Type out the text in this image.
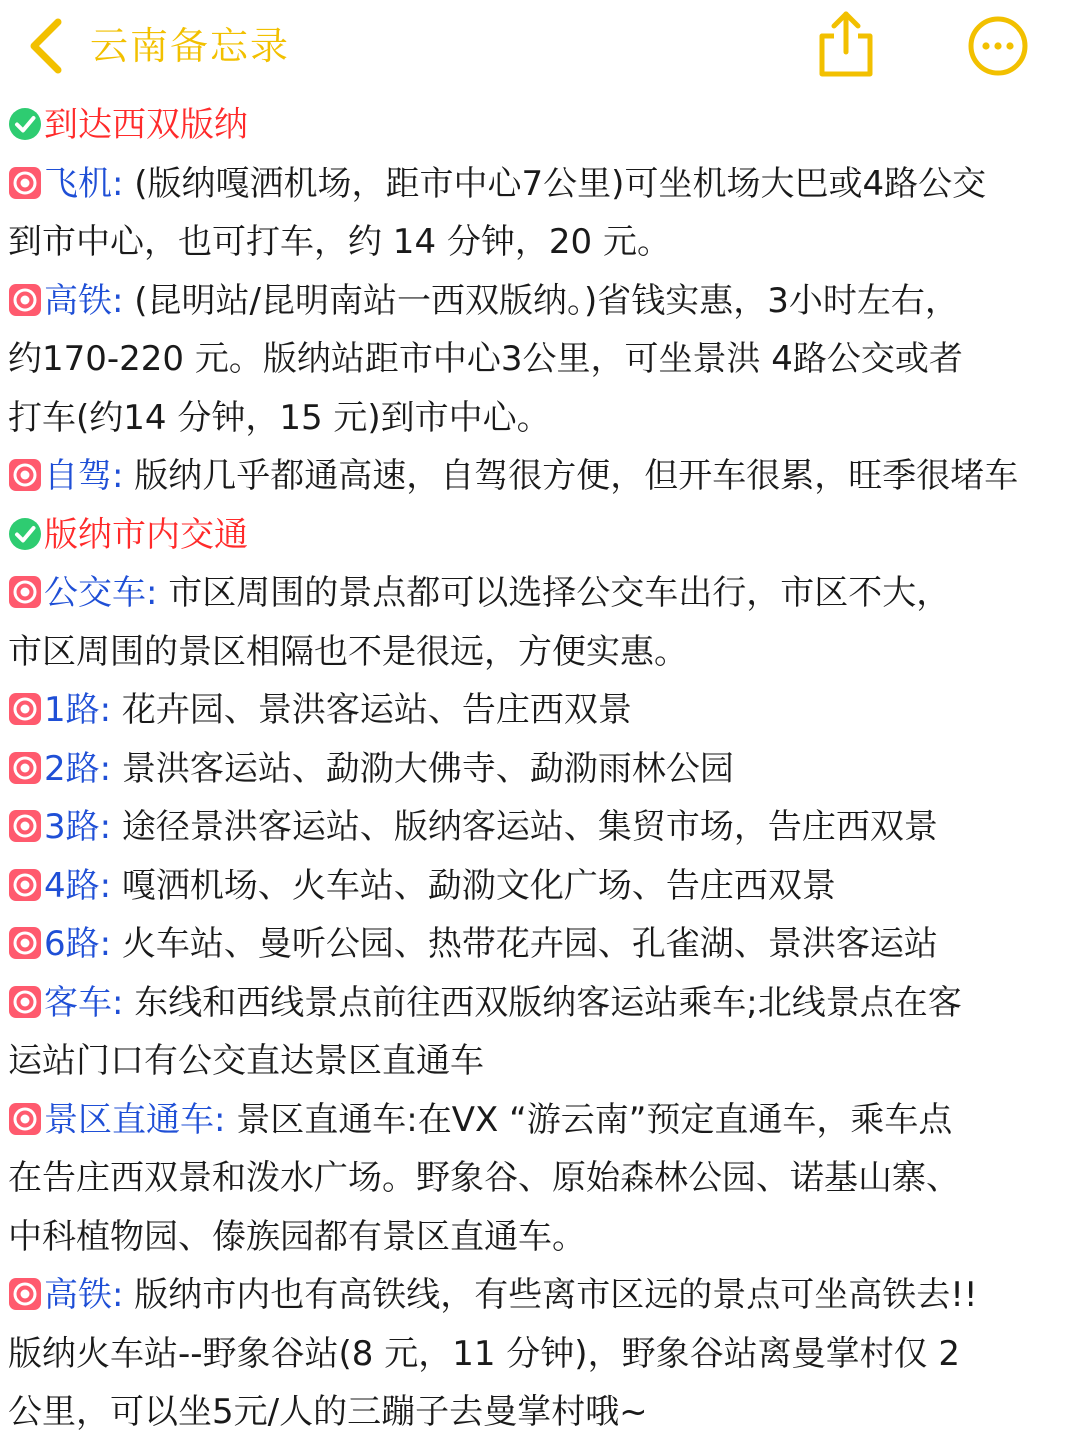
云南备忘录
到达西双版纳
飞机: (版纳嘎洒机场，距市中心7公里)可坐机场大巴或4路公交
到市中心，也可打车，约 14 分钟，20 元。
高铁: (昆明站/昆明南站一西双版纳。)省钱实惠，3小时左右，
约170-220 元。版纳站距市中心3公里，可坐景洪 4路公交或者
打车(约14 分钟，15 元)到市中心。
自驾: 版纳几乎都通高速，自驾很方便，但开车很累，旺季很堵车
版纳市内交通
公交车: 市区周围的景点都可以选择公交车出行，市区不大，
市区周围的景区相隔也不是很远，方便实惠。
1路: 花卉园、景洪客运站、告庄西双景
2路: 景洪客运站、勐泐大佛寺、勐泐雨林公园
3路: 途径景洪客运站、版纳客运站、集贸市场，告庄西双景
4路: 嘎洒机场、火车站、勐泐文化广场、告庄西双景
6路: 火车站、曼听公园、热带花卉园、孔雀湖、景洪客运站
客车: 东线和西线景点前往西双版纳客运站乘车;北线景点在客
运站门口有公交直达景区直通车
景区直通车: 景区直通车:在VX “游云南”预定直通车，乘车点
在告庄西双景和泼水广场。野象谷、原始森林公园、诺基山寨、
中科植物园、傣族园都有景区直通车。
高铁: 版纳市内也有高铁线，有些离市区远的景点可坐高铁去!!
版纳火车站--野象谷站(8 元，11 分钟)，野象谷站离曼掌村仅 2
公里，可以坐5元/人的三蹦子去曼掌村哦~
